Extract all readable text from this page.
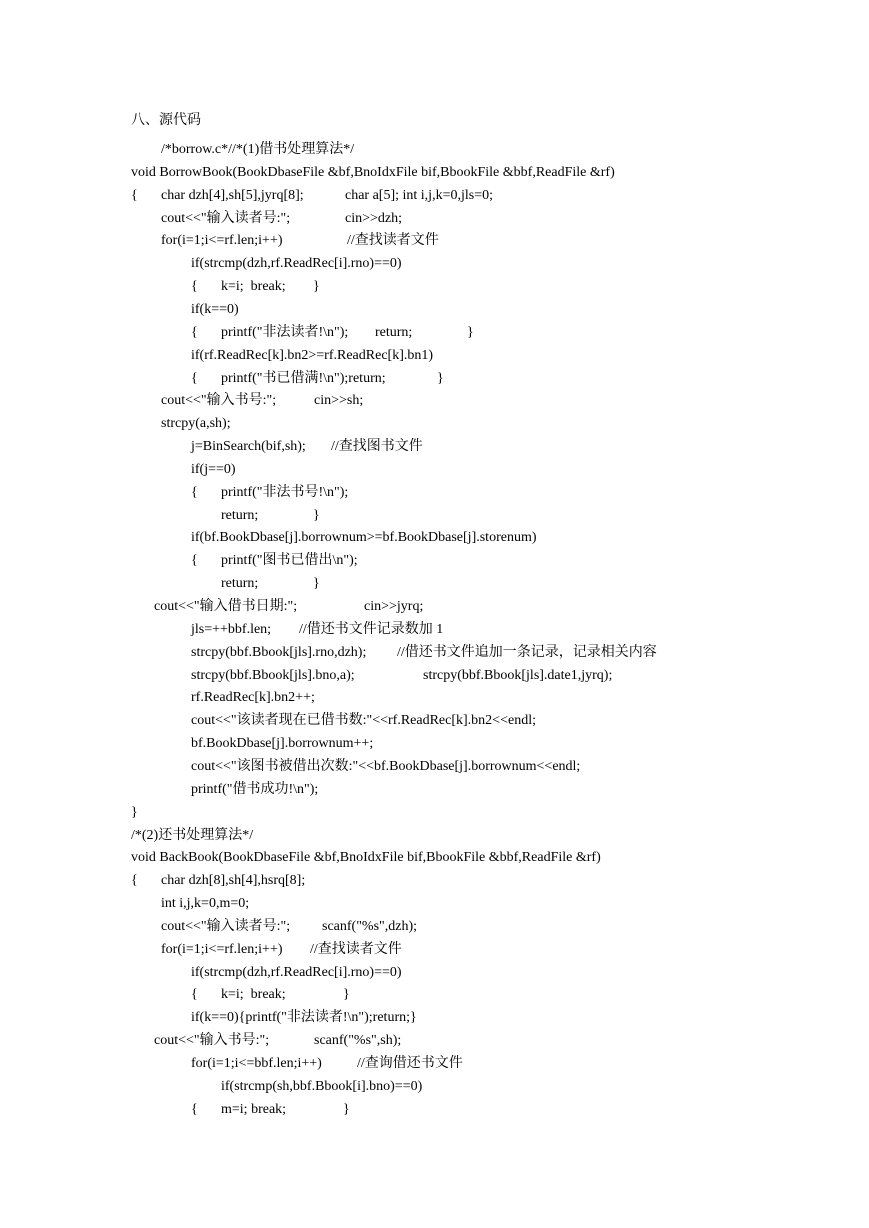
八、源代码
/*borrow.c*//*(1)借书处理算法*/
void BorrowBook(BookDbaseFile &bf,BnoIdxFile bif,BbookFile &bbf,ReadFile &rf)
{ char dzh[4],sh[5],jyrq[8];	char a[5]; int i,j,k=0,jls=0;
cout<<"输入读者号:";	cin>>dzh;
for(i=1;i<=rf.len;i++)	//查找读者文件
if(strcmp(dzh,rf.ReadRec[i].rno)==0)
{ k=i;  break; }
if(k==0)
{ printf("非法读者!\n"); return;	}
if(rf.ReadRec[k].bn2>=rf.ReadRec[k].bn1)
{ printf("书已借满!\n");return;	}
cout<<"输入书号:";	cin>>sh;
strcpy(a,sh);
j=BinSearch(bif,sh); //查找图书文件
if(j==0)
{ printf("非法书号!\n");
return;	}
if(bf.BookDbase[j].borrownum>=bf.BookDbase[j].storenum)
{ printf("图书已借出\n");
return;	}
cout<<"输入借书日期:";	cin>>jyrq;
jls=++bbf.len; //借还书文件记录数加 1
strcpy(bbf.Bbook[jls].rno,dzh); //借还书文件追加一条记录，记录相关内容
strcpy(bbf.Bbook[jls].bno,a);	strcpy(bbf.Bbook[jls].date1,jyrq);
rf.ReadRec[k].bn2++;
cout<<"该读者现在已借书数:"<<rf.ReadRec[k].bn2<<endl;
bf.BookDbase[j].borrownum++;
cout<<"该图书被借出次数:"<<bf.BookDbase[j].borrownum<<endl;
printf("借书成功!\n");
}
/*(2)还书处理算法*/
void BackBook(BookDbaseFile &bf,BnoIdxFile bif,BbookFile &bbf,ReadFile &rf)
{ char dzh[8],sh[4],hsrq[8];
int i,j,k=0,m=0;
cout<<"输入读者号:"; scanf("%s",dzh);
for(i=1;i<=rf.len;i++) //查找读者文件
if(strcmp(dzh,rf.ReadRec[i].rno)==0)
{ k=i;  break;	}
if(k==0){printf("非法读者!\n");return;}
cout<<"输入书号:";	scanf("%s",sh);
for(i=1;i<=bbf.len;i++)	//查询借还书文件
if(strcmp(sh,bbf.Bbook[i].bno)==0)
{ m=i; break;	}
